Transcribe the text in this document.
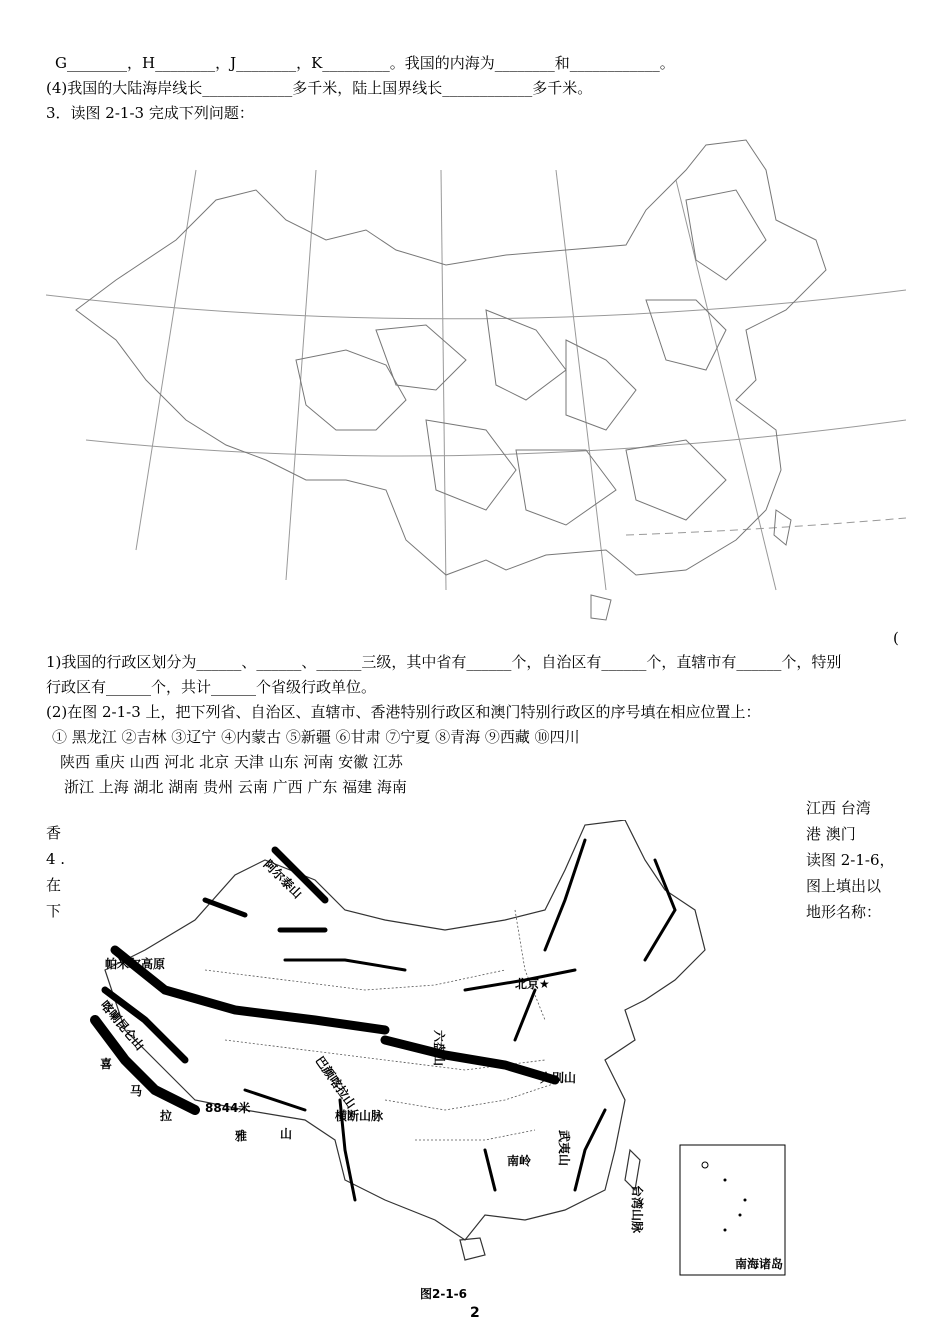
G________，H________，J________，K_________。我国的内海为________和____________。
(4)我国的大陆海岸线长____________多千米，陆上国界线长____________多千米。
3．读图 2-1-3 完成下列问题：
(
1)我国的行政区划分为______、______、______三级，其中省有______个，自治区有______个，直辖市有______个，特别
行政区有______个，共计______个省级行政单位。
(2)在图 2-1-3 上，把下列省、自治区、直辖市、香港特别行政区和澳门特别行政区的序号填在相应位置上：
① 黑龙江 ②吉林 ③辽宁 ④内蒙古 ⑤新疆 ⑥甘肃 ⑦宁夏 ⑧青海 ⑨西藏 ⑩四川
陕西 重庆 山西 河北 北京 天津 山东 河南 安徽 江苏
浙江 上海 湖北 湖南 贵州 云南 广西 广东 福建 海南
香
4 .
在
下
江西 台湾
港 澳门
读图 2-1-6，
图上填出以
地形名称：
阿尔泰山
帕米尔高原
喀喇昆仑山
喜
马
拉
8844米
雅	山
巴颜喀拉山
横断山脉
六盘山
大别山
北京★
武夷山
南岭
台湾山脉
南海诸岛
图2-1-6
2
